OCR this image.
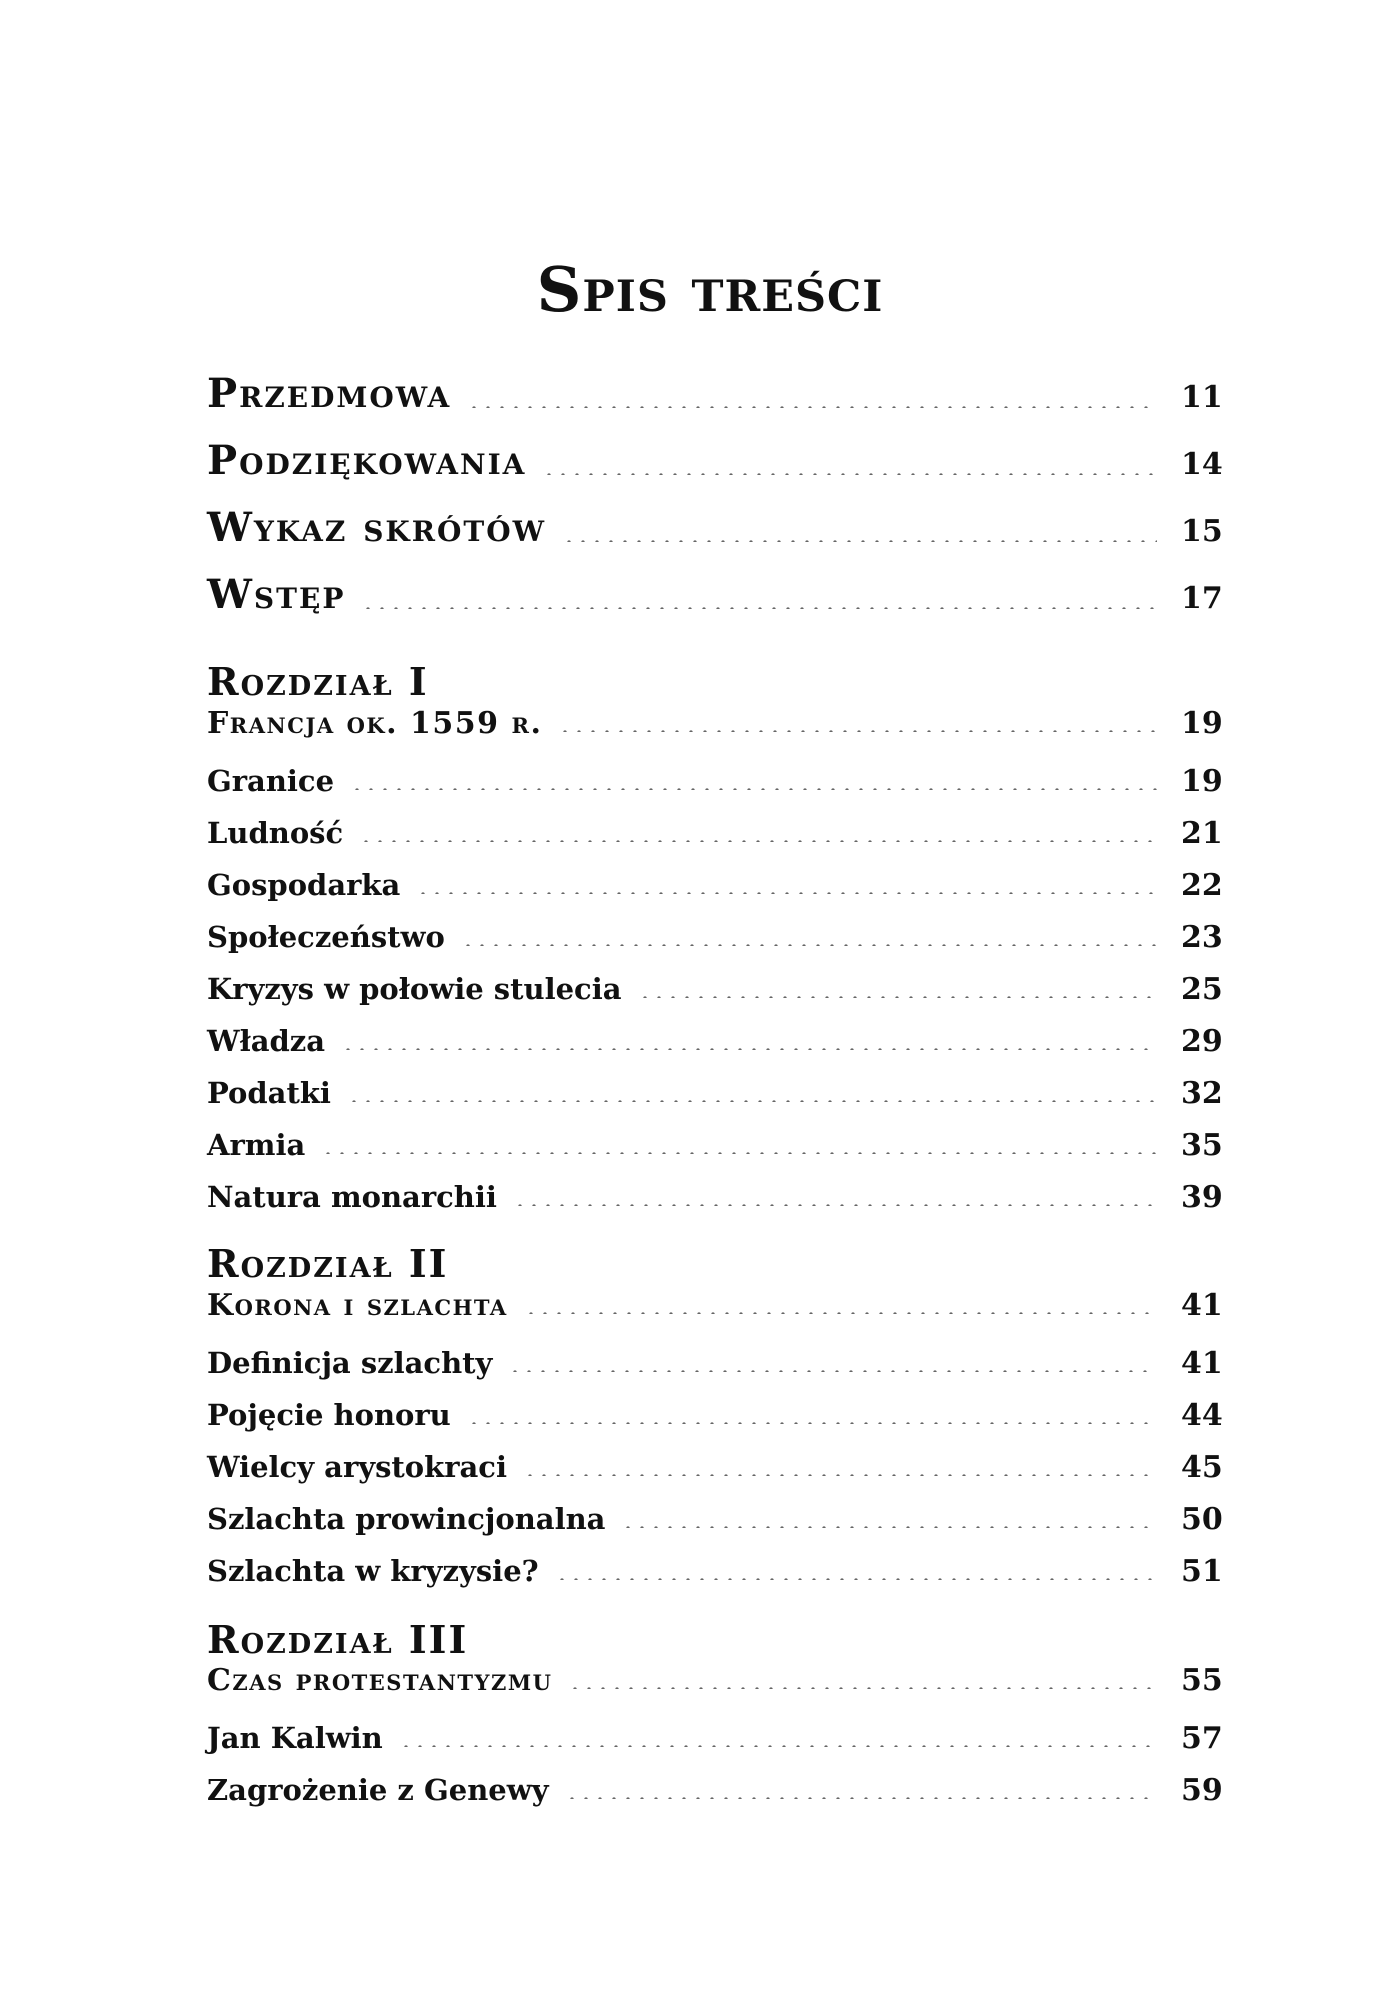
Spis treści
Przedmowa	11
Podziękowania	14
Wykaz skrótów	15
Wstęp	17
Rozdział I
Francja ok. 1559 r.	19
Granice	19
Ludność	21
Gospodarka	22
Społeczeństwo	23
Kryzys w połowie stulecia	25
Władza	29
Podatki	32
Armia	35
Natura monarchii	39
Rozdział II
Korona i szlachta	41
Definicja szlachty	41
Pojęcie honoru	44
Wielcy arystokraci	45
Szlachta prowincjonalna	50
Szlachta w kryzysie?	51
Rozdział III
Czas protestantyzmu	55
Jan Kalwin	57
Zagrożenie z Genewy	59
